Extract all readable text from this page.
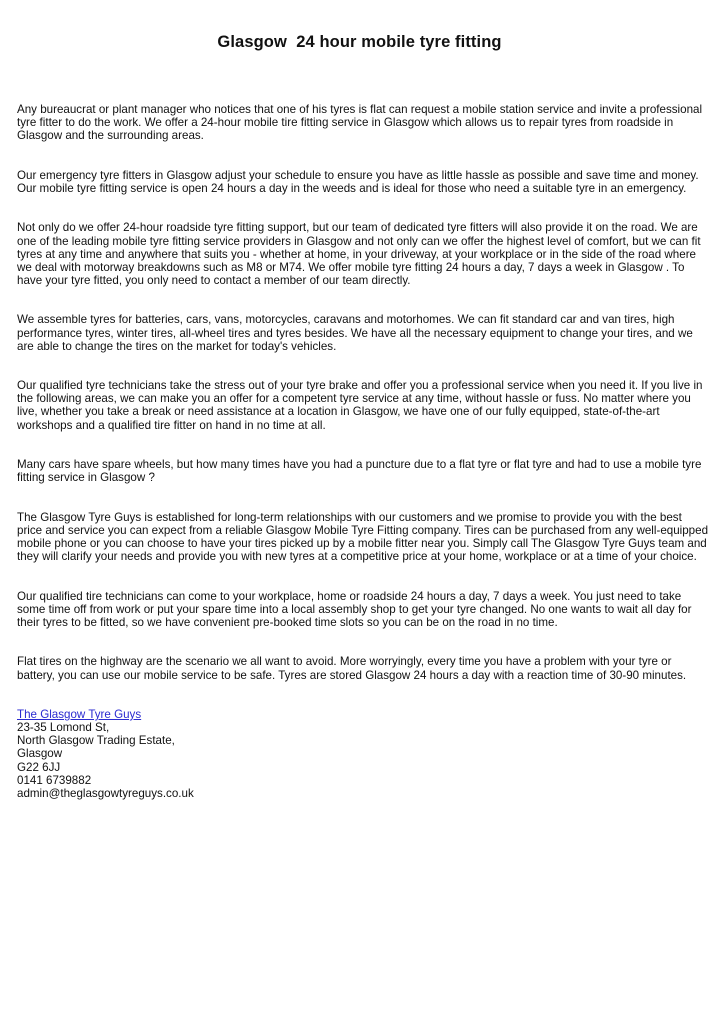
Glasgow  24 hour mobile tyre fitting

Any bureaucrat or plant manager who notices that one of his tyres is flat can request a mobile station service and invite a professional tyre fitter to do the work. We offer a 24-hour mobile tire fitting service in Glasgow which allows us to repair tyres from roadside in Glasgow and the surrounding areas.

Our emergency tyre fitters in Glasgow adjust your schedule to ensure you have as little hassle as possible and save time and money. Our mobile tyre fitting service is open 24 hours a day in the weeds and is ideal for those who need a suitable tyre in an emergency.

Not only do we offer 24-hour roadside tyre fitting support, but our team of dedicated tyre fitters will also provide it on the road. We are one of the leading mobile tyre fitting service providers in Glasgow and not only can we offer the highest level of comfort, but we can fit tyres at any time and anywhere that suits you - whether at home, in your driveway, at your workplace or in the side of the road where we deal with motorway breakdowns such as M8 or M74. We offer mobile tyre fitting 24 hours a day, 7 days a week in Glasgow . To have your tyre fitted, you only need to contact a member of our team directly.

We assemble tyres for batteries, cars, vans, motorcycles, caravans and motorhomes. We can fit standard car and van tires, high performance tyres, winter tires, all-wheel tires and tyres besides. We have all the necessary equipment to change your tires, and we are able to change the tires on the market for today's vehicles.

Our qualified tyre technicians take the stress out of your tyre brake and offer you a professional service when you need it. If you live in the following areas, we can make you an offer for a competent tyre service at any time, without hassle or fuss. No matter where you live, whether you take a break or need assistance at a location in Glasgow, we have one of our fully equipped, state-of-the-art workshops and a qualified tire fitter on hand in no time at all.

Many cars have spare wheels, but how many times have you had a puncture due to a flat tyre or flat tyre and had to use a mobile tyre fitting service in Glasgow ?

The Glasgow Tyre Guys is established for long-term relationships with our customers and we promise to provide you with the best price and service you can expect from a reliable Glasgow Mobile Tyre Fitting company. Tires can be purchased from any well-equipped mobile phone or you can choose to have your tires picked up by a mobile fitter near you. Simply call The Glasgow Tyre Guys team and they will clarify your needs and provide you with new tyres at a competitive price at your home, workplace or at a time of your choice.

Our qualified tire technicians can come to your workplace, home or roadside 24 hours a day, 7 days a week. You just need to take some time off from work or put your spare time into a local assembly shop to get your tyre changed. No one wants to wait all day for their tyres to be fitted, so we have convenient pre-booked time slots so you can be on the road in no time.

Flat tires on the highway are the scenario we all want to avoid. More worryingly, every time you have a problem with your tyre or battery, you can use our mobile service to be safe. Tyres are stored Glasgow 24 hours a day with a reaction time of 30-90 minutes.

The Glasgow Tyre Guys
23-35 Lomond St,
North Glasgow Trading Estate,
Glasgow
G22 6JJ
0141 6739882
admin@theglasgowtyreguys.co.uk
